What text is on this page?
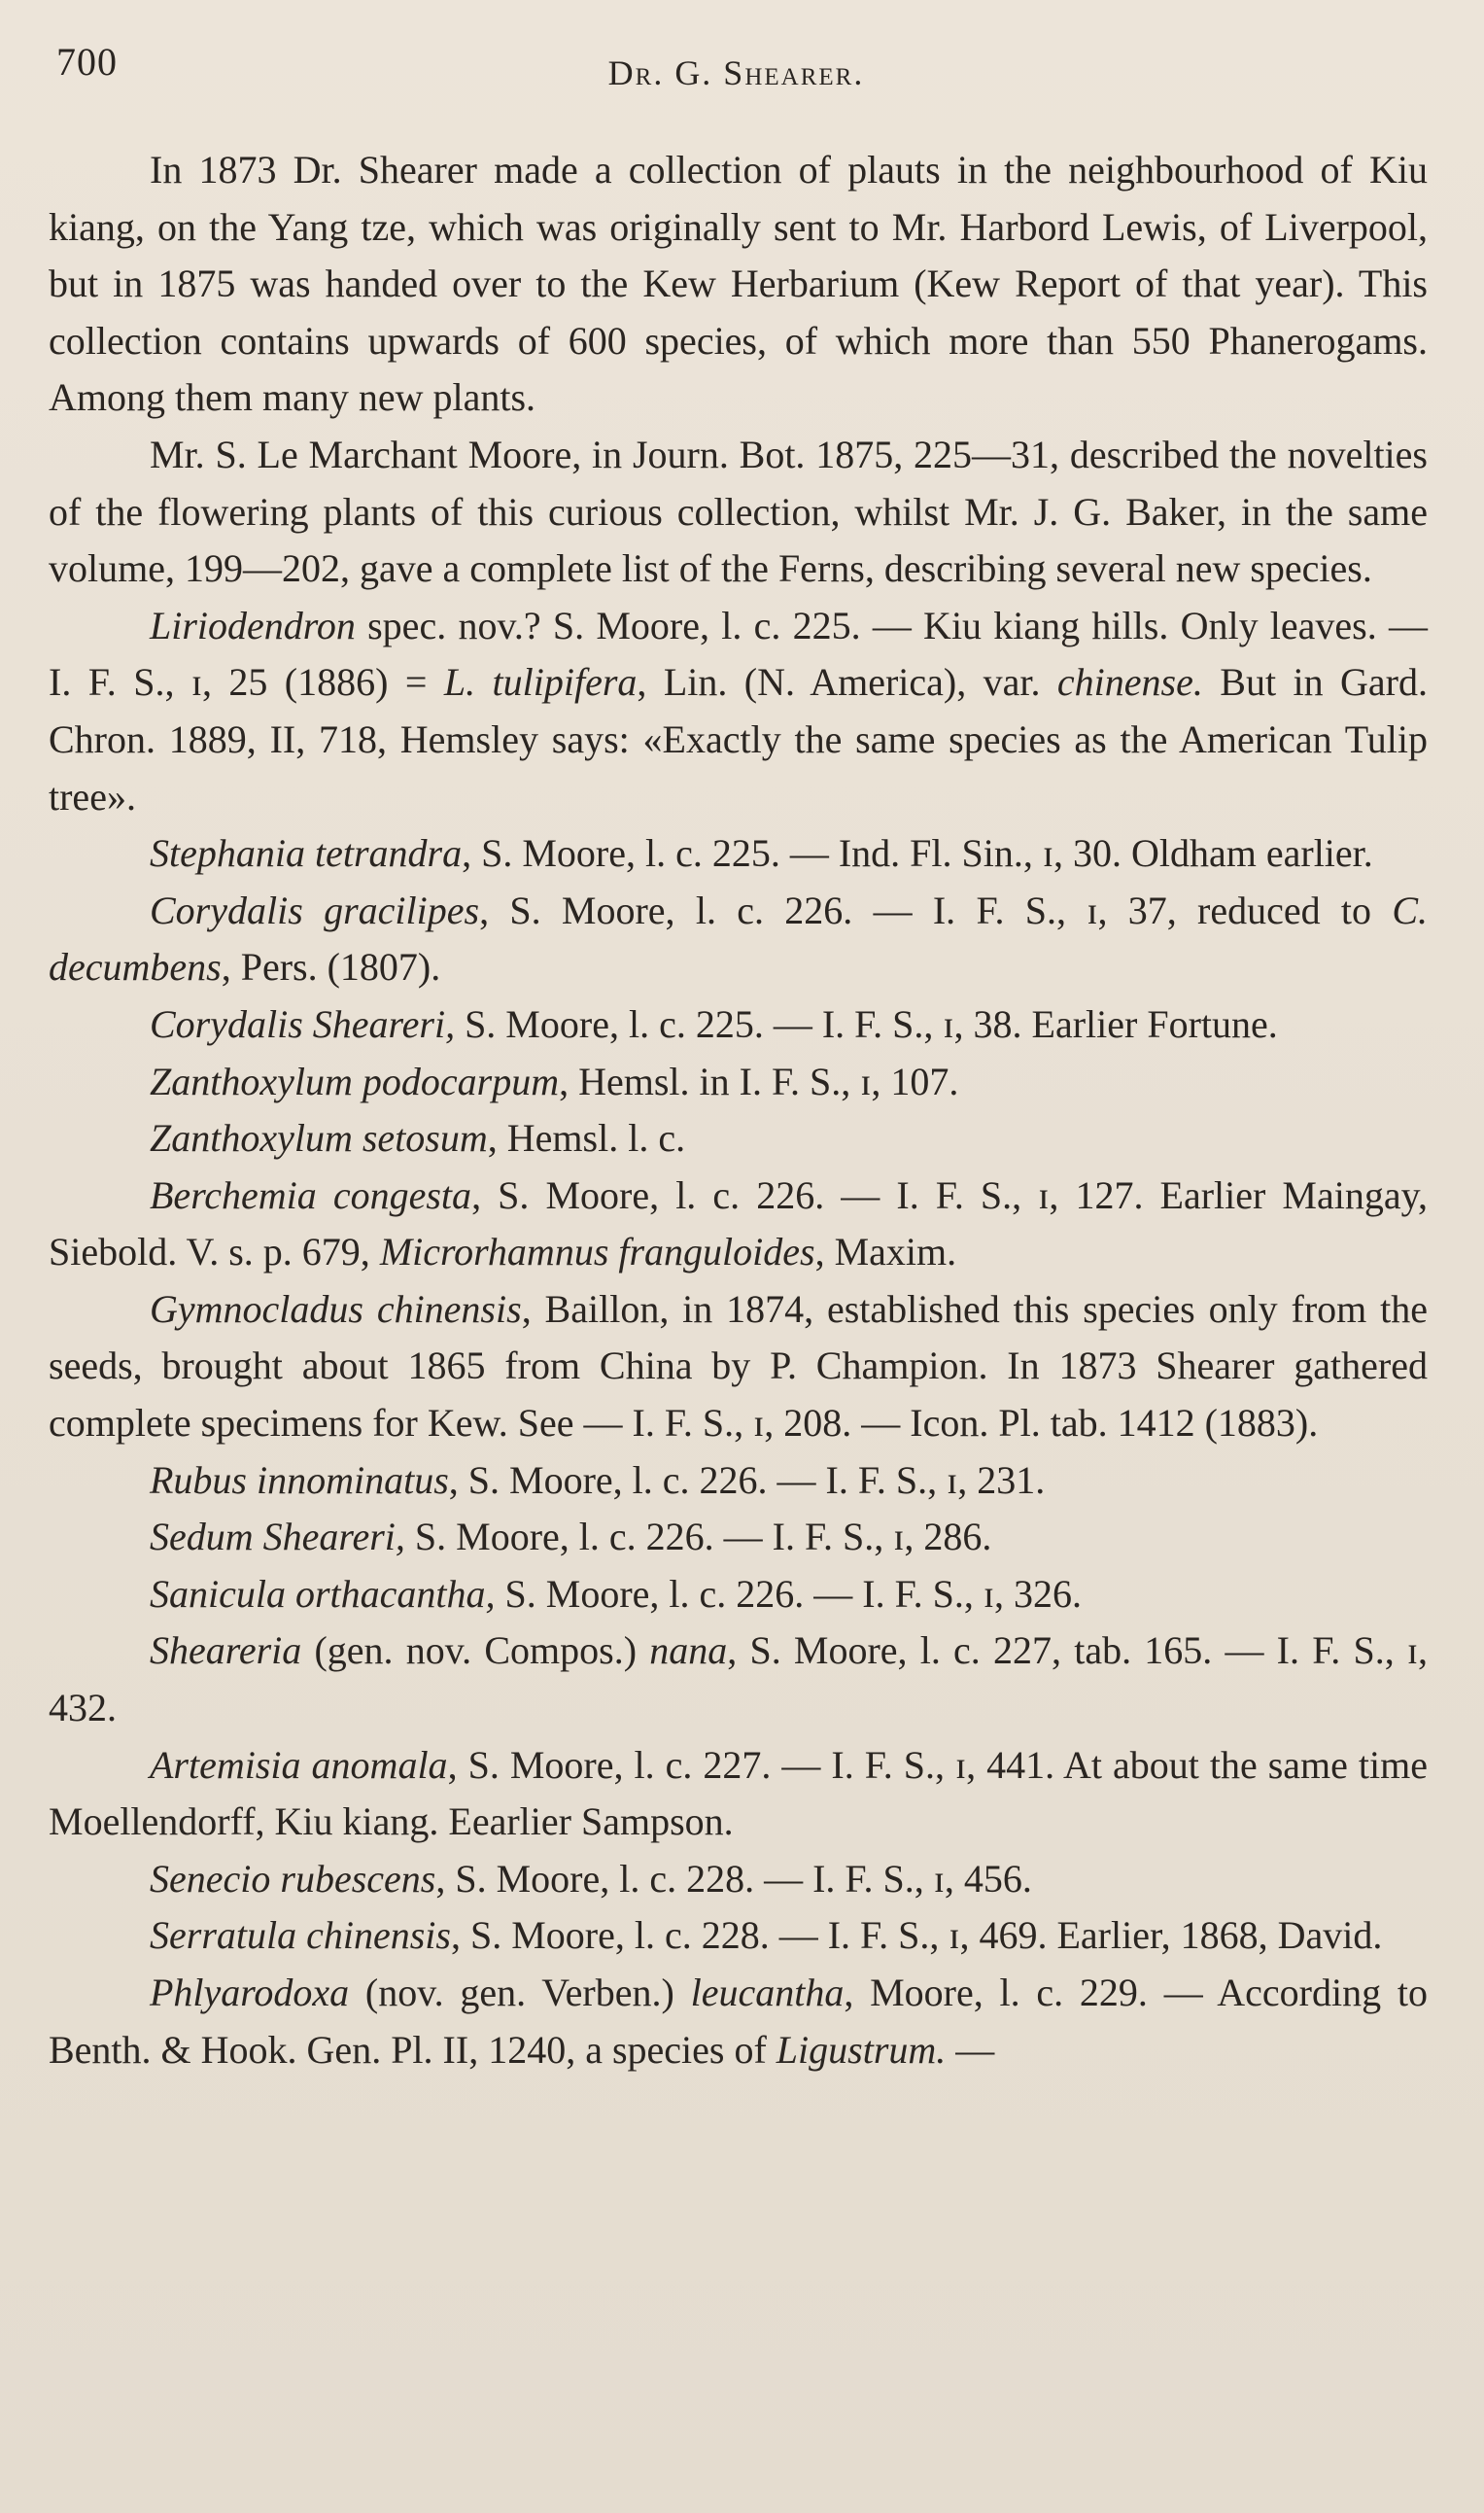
700	Dr. G. Shearer.

In 1873 Dr. Shearer made a collection of plauts in the neighbourhood of Kiu kiang, on the Yang tze, which was originally sent to Mr. Harbord Lewis, of Liverpool, but in 1875 was handed over to the Kew Herbarium (Kew Report of that year). This collection contains upwards of 600 species, of which more than 550 Phanerogams. Among them many new plants.

Mr. S. Le Marchant Moore, in Journ. Bot. 1875, 225—31, described the novelties of the flowering plants of this curious collection, whilst Mr. J. G. Baker, in the same volume, 199—202, gave a complete list of the Ferns, describing several new species.

Liriodendron spec. nov.? S. Moore, l. c. 225. — Kiu kiang hills. Only leaves. — I. F. S., ɪ, 25 (1886) = L. tulipifera, Lin. (N. America), var. chinense. But in Gard. Chron. 1889, II, 718, Hemsley says: «Exactly the same species as the American Tulip tree».

Stephania tetrandra, S. Moore, l. c. 225. — Ind. Fl. Sin., ɪ, 30. Oldham earlier.

Corydalis gracilipes, S. Moore, l. c. 226. — I. F. S., ɪ, 37, reduced to C. decumbens, Pers. (1807).

Corydalis Sheareri, S. Moore, l. c. 225. — I. F. S., ɪ, 38. Earlier Fortune.

Zanthoxylum podocarpum, Hemsl. in I. F. S., ɪ, 107.

Zanthoxylum setosum, Hemsl. l. c.

Berchemia congesta, S. Moore, l. c. 226. — I. F. S., ɪ, 127. Earlier Maingay, Siebold. V. s. p. 679, Microrhamnus franguloides, Maxim.

Gymnocladus chinensis, Baillon, in 1874, established this species only from the seeds, brought about 1865 from China by P. Champion. In 1873 Shearer gathered complete specimens for Kew. See — I. F. S., ɪ, 208. — Icon. Pl. tab. 1412 (1883).

Rubus innominatus, S. Moore, l. c. 226. — I. F. S., ɪ, 231.

Sedum Sheareri, S. Moore, l. c. 226. — I. F. S., ɪ, 286.

Sanicula orthacantha, S. Moore, l. c. 226. — I. F. S., ɪ, 326.

Sheareria (gen. nov. Compos.) nana, S. Moore, l. c. 227, tab. 165. — I. F. S., ɪ, 432.

Artemisia anomala, S. Moore, l. c. 227. — I. F. S., ɪ, 441. At about the same time Moellendorff, Kiu kiang. Eearlier Sampson.

Senecio rubescens, S. Moore, l. c. 228. — I. F. S., ɪ, 456.

Serratula chinensis, S. Moore, l. c. 228. — I. F. S., ɪ, 469. Earlier, 1868, David.

Phlyarodoxa (nov. gen. Verben.) leucantha, Moore, l. c. 229. — According to Benth. & Hook. Gen. Pl. II, 1240, a species of Ligustrum. —
